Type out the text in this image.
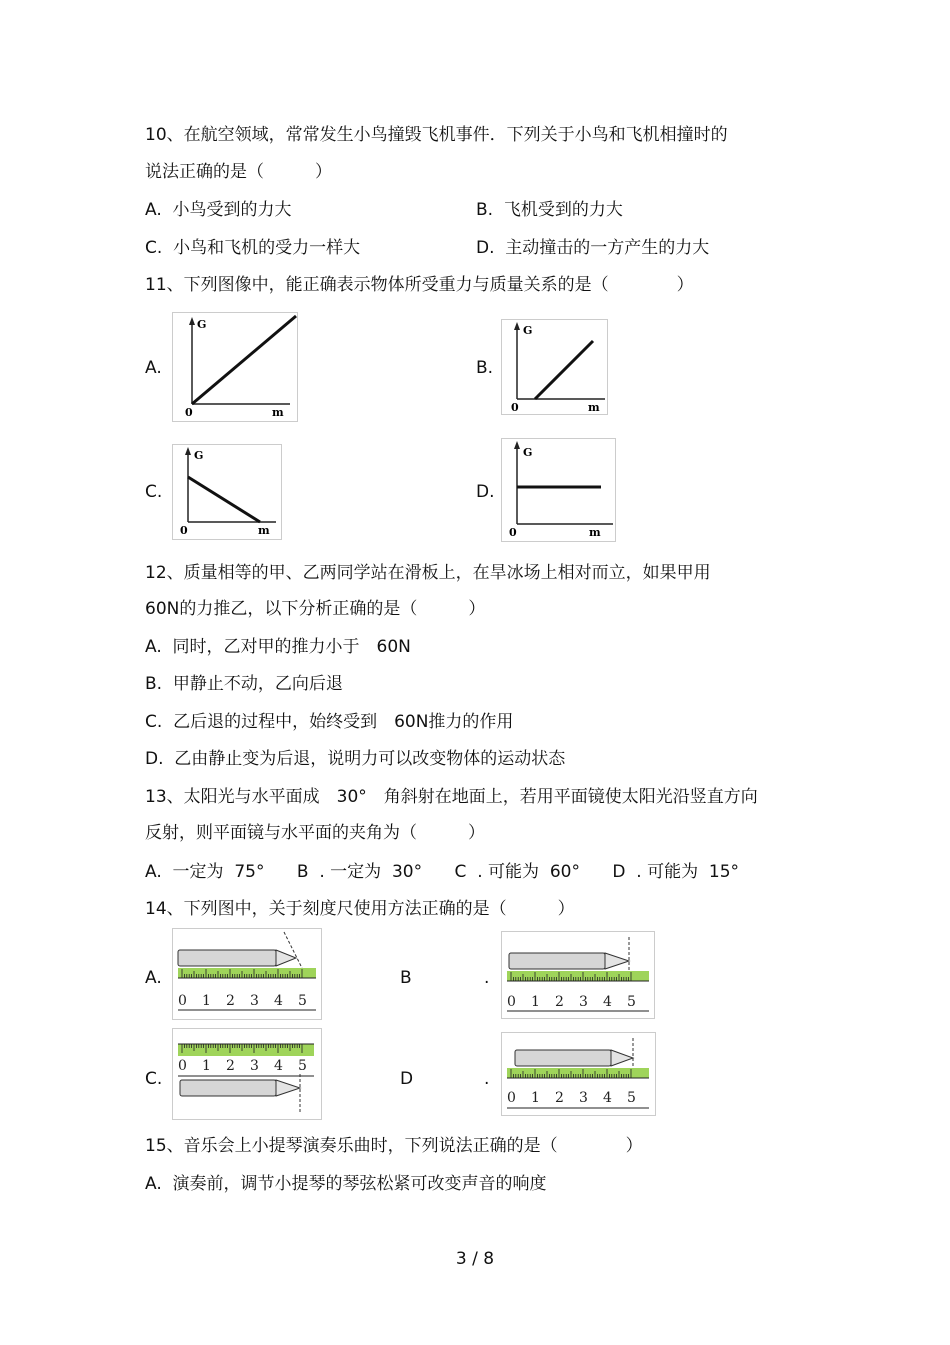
10、在航空领域，常常发生小鸟撞毁飞机事件．下列关于小鸟和飞机相撞时的
说法正确的是（　　　）
A.  小鸟受到的力大	B.  飞机受到的力大
C.  小鸟和飞机的受力一样大	D.  主动撞击的一方产生的力大
11、下列图像中，能正确表示物体所受重力与质量关系的是（　　　　）
A.
G
0	m
B.
G
0	m
C.
G
0	m
D.
G
0	m
12、质量相等的甲、乙两同学站在滑板上，在旱冰场上相对而立，如果甲用
60N的力推乙，以下分析正确的是（　　　）
A.  同时，乙对甲的推力小于　60N
B.  甲静止不动，乙向后退
C.  乙后退的过程中，始终受到　60N推力的作用
D.  乙由静止变为后退，说明力可以改变物体的运动状态
13、太阳光与水平面成　30°　角斜射在地面上，若用平面镜使太阳光沿竖直方向
反射，则平面镜与水平面的夹角为（　　　）
A.  一定为  75°      B  . 一定为  30°      C  . 可能为  60°      D  . 可能为  15°
14、下列图中，关于刻度尺使用方法正确的是（　　　）
A.
0 1 2 3 4 5
B	.
0 1 2 3 4 5
C.
0 1 2 3 4 5
D	.
0 1 2 3 4 5
15、音乐会上小提琴演奏乐曲时，下列说法正确的是（　　　　）
A.  演奏前，调节小提琴的琴弦松紧可改变声音的响度
3 / 8
